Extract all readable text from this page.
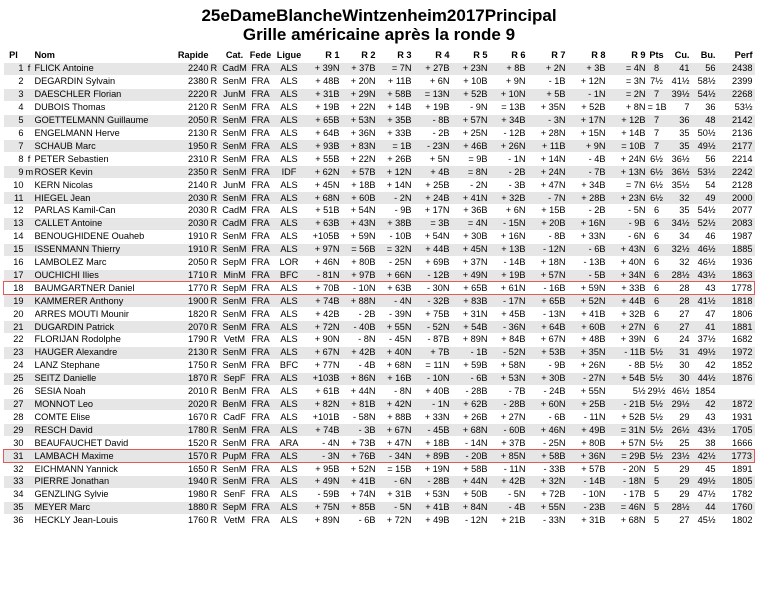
25eDameBlancheWintzenheim2017Principal
Grille américaine après la ronde 9
Pl		Nom	Rapide		Cat.	Fede	Ligue	R 1	R 2	R 3	R 4	R 5	R 6	R 7	R 8	R 9	Pts	Cu.	Bu.	Perf
1	f	FLICK Antoine	2240	R	CadM	FRA	ALS	+ 39N	+ 37B	= 7N	+ 27B	+ 23N	+ 8B	+ 2N	+ 3B	= 4N	8	41	56	2438
2		DEGARDIN Sylvain	2380	R	SenM	FRA	ALS	+ 48B	+ 20N	+ 11B	+ 6N	+ 10B	+ 9N	- 1B	+ 12N	= 3N	7½	41½	58½	2399
3		DAESCHLER Florian	2220	R	JunM	FRA	ALS	+ 31B	+ 29N	+ 58B	= 13N	+ 52B	+ 10N	+ 5B	- 1N	= 2N	7	39½	54½	2268
4		DUBOIS Thomas	2120	R	SenM	FRA	ALS	+ 19B	+ 22N	+ 14B	+ 19B	- 9N	= 13B	+ 35N	+ 52B	+ 8N	= 1B	7	36	53½
5		GOETTELMANN Guillaume	2050	R	SenM	FRA	ALS	+ 65B	+ 53N	+ 35B	- 8B	+ 57N	+ 34B	- 3N	+ 17N	+ 12B	7	36	48	2142
6		ENGELMANN Herve	2130	R	SenM	FRA	ALS	+ 64B	+ 36N	+ 33B	- 2B	+ 25N	- 12B	+ 28N	+ 15N	+ 14B	7	35	50½	2136
7		SCHAUB Marc	1950	R	SenM	FRA	ALS	+ 93B	+ 83N	= 1B	- 23N	+ 46B	+ 26N	+ 11B	+ 9N	= 10B	7	35	49½	2177
8	f	PETER Sebastien	2310	R	SenM	FRA	ALS	+ 55B	+ 22N	+ 26B	+ 5N	= 9B	- 1N	+ 14N	- 4B	+ 24N	6½	36½	56	2214
9	m	ROSER Kevin	2350	R	SenM	FRA	IDF	+ 62N	+ 57B	+ 12N	+ 4B	= 8N	- 2B	+ 24N	- 7B	+ 13N	6½	36½	53½	2242
10		KERN Nicolas	2140	R	JunM	FRA	ALS	+ 45N	+ 18B	+ 14N	+ 25B	- 2N	- 3B	+ 47N	+ 34B	= 7N	6½	35½	54	2128
11		HIEGEL Jean	2030	R	SenM	FRA	ALS	+ 68N	+ 60B	- 2N	+ 24B	+ 41N	+ 32B	- 7N	+ 28B	+ 23N	6½	32	49	2000
12		PARLAS Kamil-Can	2030	R	CadM	FRA	ALS	+ 51B	+ 54N	- 9B	+ 17N	+ 36B	+ 6N	+ 15B	- 2B	- 5N	6	35	54½	2077
13		CALLET Antoine	2030	R	CadM	FRA	ALS	+ 63B	+ 43N	+ 38B	= 3B	= 4N	- 15N	+ 20B	+ 16N	- 9B	6	34½	52½	2083
14		BENOUGHIDENE Ouaheb	1910	R	SenM	FRA	ALS	+105B	+ 59N	- 10B	+ 54N	+ 30B	+ 16N	- 8B	+ 33N	- 6N	6	34	46	1987
15		ISSENMANN Thierry	1910	R	SenM	FRA	ALS	+ 97N	= 56B	= 32N	+ 44B	+ 45N	+ 13B	- 12N	- 6B	+ 43N	6	32½	46½	1885
16		LAMBOLEZ Marc	2050	R	SepM	FRA	LOR	+ 46N	+ 80B	- 25N	+ 69B	+ 37N	- 14B	+ 18N	- 13B	+ 40N	6	32	46½	1936
17		OUCHICHI Ilies	1710	R	MinM	FRA	BFC	- 81N	+ 97B	+ 66N	- 12B	+ 49N	+ 19B	+ 57N	- 5B	+ 34N	6	28½	43½	1863
18		BAUMGARTNER Daniel	1770	R	SepM	FRA	ALS	+ 70B	- 10N	+ 63B	- 30N	+ 65B	+ 61N	- 16B	+ 59N	+ 33B	6	28	43	1778
19		KAMMERER Anthony	1900	R	SenM	FRA	ALS	+ 74B	+ 88N	- 4N	- 32B	+ 83B	- 17N	+ 65B	+ 52N	+ 44B	6	28	41½	1818
20		ARRES MOUTI Mounir	1820	R	SenM	FRA	ALS	+ 42B	- 2B	- 39N	+ 75B	+ 31N	+ 45B	- 13N	+ 41B	+ 32B	6	27	47	1806
21		DUGARDIN Patrick	2070	R	SenM	FRA	ALS	+ 72N	- 40B	+ 55N	- 52N	+ 54B	- 36N	+ 64B	+ 60B	+ 27N	6	27	41	1881
22		FLORIJAN Rodolphe	1790	R	VetM	FRA	ALS	+ 90N	- 8N	- 45N	- 87B	+ 89N	+ 84B	+ 67N	+ 48B	+ 39N	6	24	37½	1682
23		HAUGER Alexandre	2130	R	SenM	FRA	ALS	+ 67N	+ 42B	+ 40N	+ 7B	- 1B	- 52N	+ 53B	+ 35N	- 11B	5½	31	49½	1972
24		LANZ Stephane	1750	R	SenM	FRA	BFC	+ 77N	- 4B	+ 68N	= 11N	+ 59B	+ 58N	- 9B	+ 26N	- 8B	5½	30	42	1852
25		SEITZ Danielle	1870	R	SepF	FRA	ALS	+103B	+ 86N	+ 16B	- 10N	- 6B	+ 53N	+ 30B	- 27N	+ 54B	5½	30	44½	1876
26		SESIA Noah	2010	R	BenM	FRA	ALS	+ 61B	+ 44N	- 8N	+ 40B	- 28B	- 7B	- 24B	+ 55N	5½	29½	46½	1854	
27		MONNOT Leo	2020	R	BenM	FRA	ALS	+ 82N	+ 81B	+ 42N	- 1N	+ 62B	- 28B	+ 60N	+ 25B	- 21B	5½	29½	42	1872
28		COMTE Elise	1670	R	CadF	FRA	ALS	+101B	- 58N	+ 88B	+ 33N	+ 26B	+ 27N	- 6B	- 11N	+ 52B	5½	29	43	1931
29		RESCH David	1780	R	SenM	FRA	ALS	+ 74B	- 3B	+ 67N	- 45B	+ 68N	- 60B	+ 46N	+ 49B	= 31N	5½	26½	43½	1705
30		BEAUFAUCHET David	1520	R	SenM	FRA	ARA	- 4N	+ 73B	+ 47N	+ 18B	- 14N	+ 37B	- 25N	+ 80B	+ 57N	5½	25	38	1666
31		LAMBACH Maxime	1570	R	PupM	FRA	ALS	- 3N	+ 76B	- 34N	+ 89B	- 20B	+ 85N	+ 58B	+ 36N	= 29B	5½	23½	42½	1773
32		EICHMANN Yannick	1650	R	SenM	FRA	ALS	+ 95B	+ 52N	= 15B	+ 19N	+ 58B	- 11N	- 33B	+ 57B	- 20N	5	29	45	1891
33		PIERRE Jonathan	1940	R	SenM	FRA	ALS	+ 49N	+ 41B	- 6N	- 28B	+ 44N	+ 42B	+ 32N	- 14B	- 18N	5	29	49½	1805
34		GENZLING Sylvie	1980	R	SenF	FRA	ALS	- 59B	+ 74N	+ 31B	+ 53N	+ 50B	- 5N	+ 72B	- 10N	- 17B	5	29	47½	1782
35		MEYER Marc	1880	R	SepM	FRA	ALS	+ 75N	+ 85B	- 5N	+ 41B	+ 84N	- 4B	+ 55N	- 23B	= 46N	5	28½	44	1760
36		HECKLY Jean-Louis	1760	R	VetM	FRA	ALS	+ 89N	- 6B	+ 72N	+ 49B	- 12N	+ 21B	- 33N	+ 31B	+ 68N	5	27	45½	1802
